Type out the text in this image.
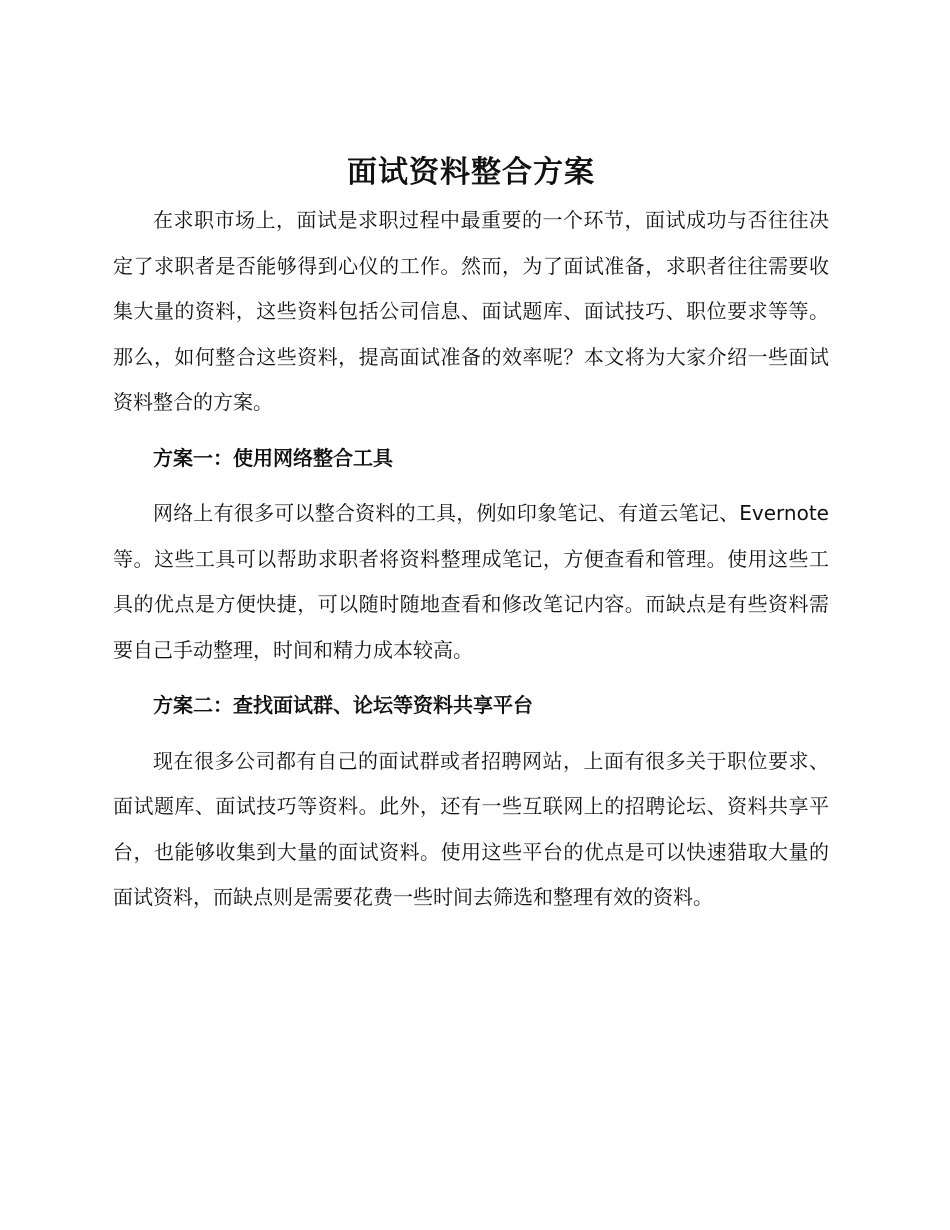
面试资料整合方案

在求职市场上，面试是求职过程中最重要的一个环节，面试成功与否往往决定了求职者是否能够得到心仪的工作。然而，为了面试准备，求职者往往需要收集大量的资料，这些资料包括公司信息、面试题库、面试技巧、职位要求等等。那么，如何整合这些资料，提高面试准备的效率呢？本文将为大家介绍一些面试资料整合的方案。

方案一：使用网络整合工具

网络上有很多可以整合资料的工具，例如印象笔记、有道云笔记、Evernote 等。这些工具可以帮助求职者将资料整理成笔记，方便查看和管理。使用这些工具的优点是方便快捷，可以随时随地查看和修改笔记内容。而缺点是有些资料需要自己手动整理，时间和精力成本较高。

方案二：查找面试群、论坛等资料共享平台

现在很多公司都有自己的面试群或者招聘网站，上面有很多关于职位要求、面试题库、面试技巧等资料。此外，还有一些互联网上的招聘论坛、资料共享平台，也能够收集到大量的面试资料。使用这些平台的优点是可以快速猎取大量的面试资料，而缺点则是需要花费一些时间去筛选和整理有效的资料。
